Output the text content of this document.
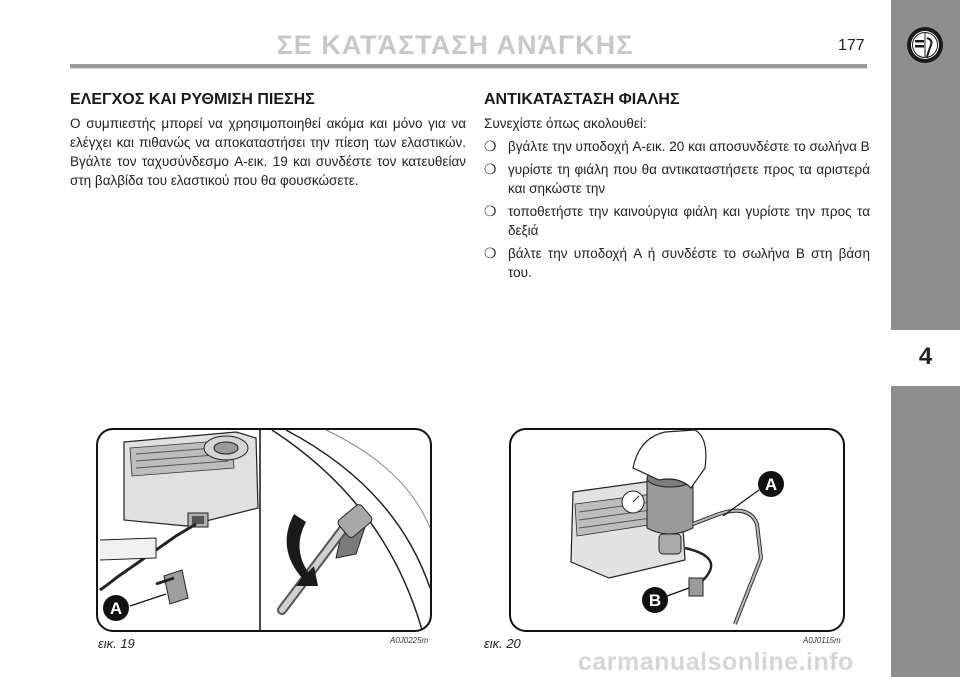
ΣΕ ΚΑΤΆΣΤΑΣΗ ΑΝΆΓΚΗΣ	177
4
ΕΛΕΓΧΟΣ ΚΑΙ ΡΥΘΜΙΣΗ ΠΙΕΣΗΣ
Ο συμπιεστής μπορεί να χρησιμοποιηθεί ακόμα και μόνο για να ελέγχει και πιθανώς να αποκαταστήσει την πίεση των ελαστικών. Βγάλτε τον ταχυσύνδεσμο A-εικ. 19 και συνδέστε τον κατευθείαν στη βαλβίδα του ελαστικού που θα φουσκώσετε.
ΑΝΤΙΚΑΤΑΣΤΑΣΗ ΦΙΑΛΗΣ
Συνεχίστε όπως ακολουθεί:
❍ βγάλτε την υποδοχή A-εικ. 20 και αποσυνδέστε το σωλήνα B
❍ γυρίστε τη φιάλη που θα αντικαταστήσετε προς τα αριστερά και σηκώστε την
❍ τοποθετήστε την καινούργια φιάλη και γυρίστε την προς τα δεξιά
❍ βάλτε την υποδοχή A ή συνδέστε το σωλήνα B στη βάση του.
A
εικ. 19	A0J0225m
A
B
εικ. 20	A0J0115m
carmanualsonline.info
